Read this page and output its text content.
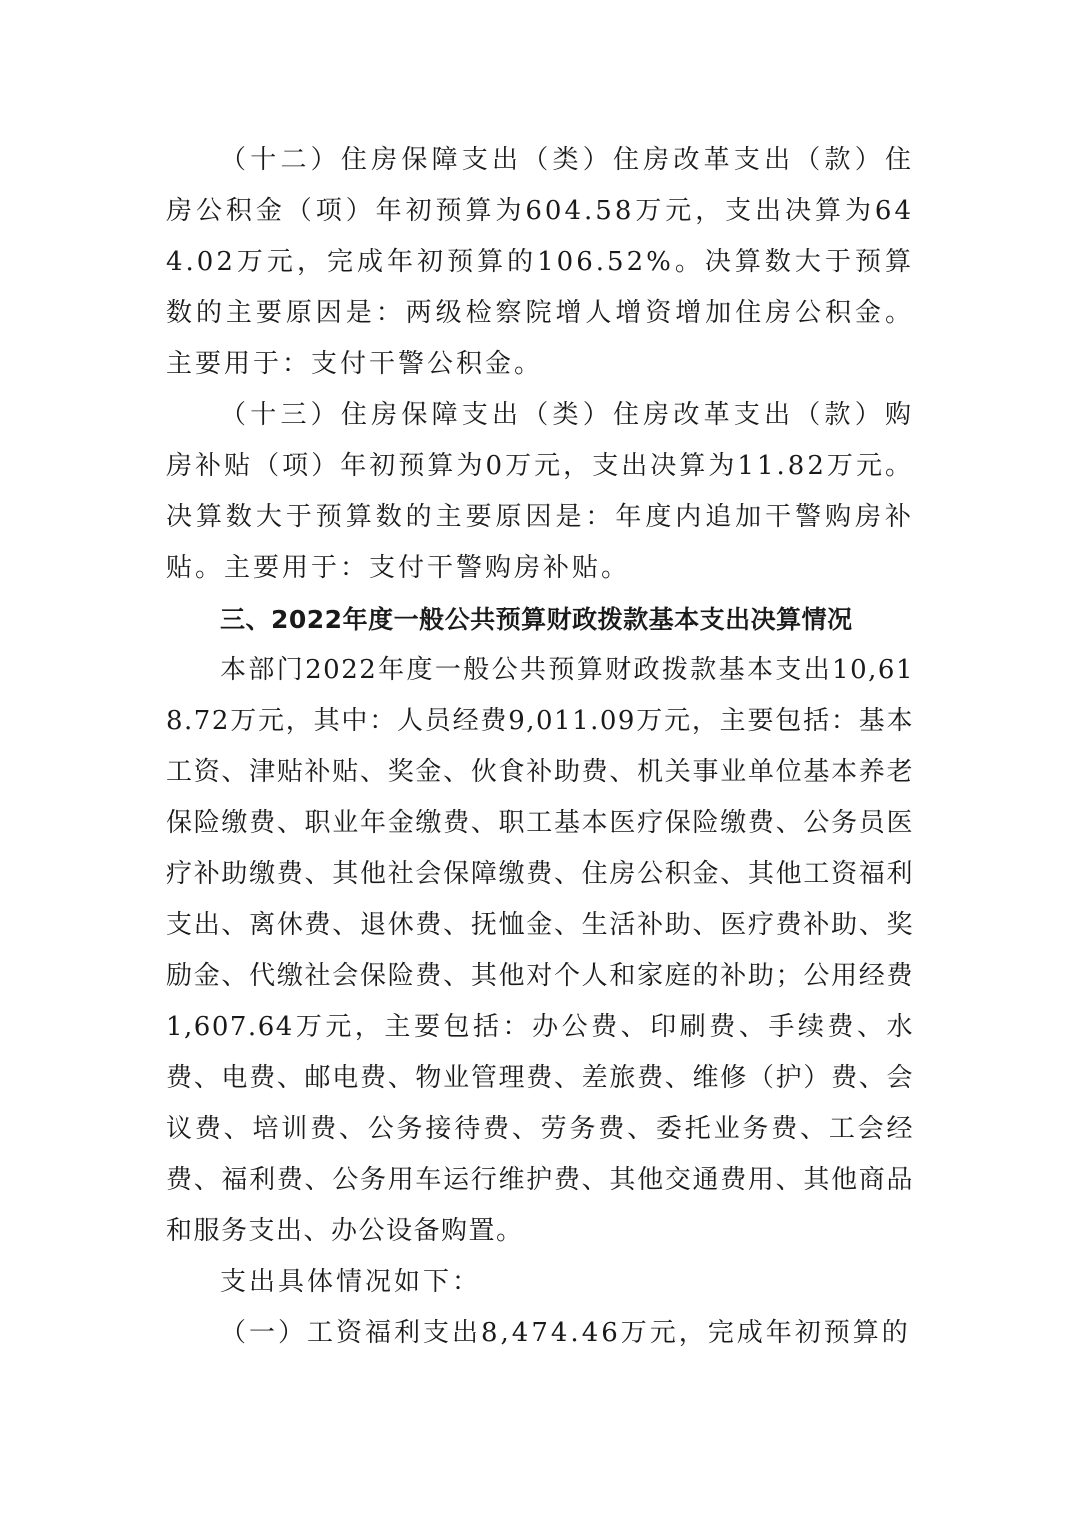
（十二）住房保障支出（类）住房改革支出（款）住房公积金（项）年初预算为604.58万元，支出决算为644.02万元，完成年初预算的106.52%。决算数大于预算数的主要原因是：两级检察院增人增资增加住房公积金。主要用于：支付干警公积金。

（十三）住房保障支出（类）住房改革支出（款）购房补贴（项）年初预算为0万元，支出决算为11.82万元。决算数大于预算数的主要原因是：年度内追加干警购房补贴。主要用于：支付干警购房补贴。

三、2022年度一般公共预算财政拨款基本支出决算情况

本部门2022年度一般公共预算财政拨款基本支出10,618.72万元，其中：人员经费9,011.09万元，主要包括：基本工资、津贴补贴、奖金、伙食补助费、机关事业单位基本养老保险缴费、职业年金缴费、职工基本医疗保险缴费、公务员医疗补助缴费、其他社会保障缴费、住房公积金、其他工资福利支出、离休费、退休费、抚恤金、生活补助、医疗费补助、奖励金、代缴社会保险费、其他对个人和家庭的补助；公用经费1,607.64万元，主要包括：办公费、印刷费、手续费、水费、电费、邮电费、物业管理费、差旅费、维修（护）费、会议费、培训费、公务接待费、劳务费、委托业务费、工会经费、福利费、公务用车运行维护费、其他交通费用、其他商品和服务支出、办公设备购置。

支出具体情况如下：

（一）工资福利支出8,474.46万元，完成年初预算的
